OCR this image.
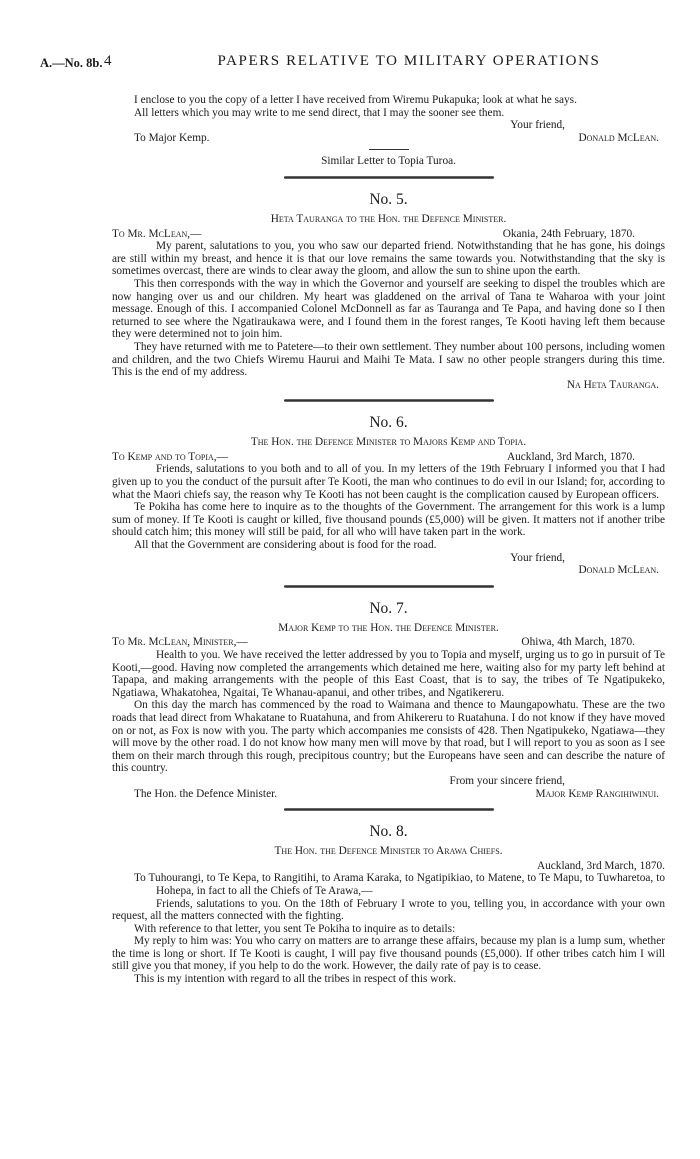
A.—No. 8b. 4	PAPERS RELATIVE TO MILITARY OPERATIONS

I enclose to you the copy of a letter I have received from Wiremu Pukapuka; look at what he says.

All letters which you may write to me send direct, that I may the sooner see them.

Your friend,

To Major Kemp.	Donald McLean.

Similar Letter to Topia Turoa.

No. 5.
Heta Tauranga to the Hon. the Defence Minister.
To Mr. McLean,—	Okania, 24th February, 1870.

My parent, salutations to you, you who saw our departed friend. Notwithstanding that he has gone, his doings are still within my breast, and hence it is that our love remains the same towards you. Notwithstanding that the sky is sometimes overcast, there are winds to clear away the gloom, and allow the sun to shine upon the earth.

This then corresponds with the way in which the Governor and yourself are seeking to dispel the troubles which are now hanging over us and our children. My heart was gladdened on the arrival of Tana te Waharoa with your joint message. Enough of this. I accompanied Colonel McDonnell as far as Tauranga and Te Papa, and having done so I then returned to see where the Ngatiraukawa were, and I found them in the forest ranges, Te Kooti having left them because they were determined not to join him.

They have returned with me to Patetere—to their own settlement. They number about 100 persons, including women and children, and the two Chiefs Wiremu Haurui and Maihi Te Mata. I saw no other people strangers during this time. This is the end of my address.

Na Heta Tauranga.

No. 6.
The Hon. the Defence Minister to Majors Kemp and Topia.
To Kemp and to Topia,—	Auckland, 3rd March, 1870.

Friends, salutations to you both and to all of you. In my letters of the 19th February I informed you that I had given up to you the conduct of the pursuit after Te Kooti, the man who continues to do evil in our Island; for, according to what the Maori chiefs say, the reason why Te Kooti has not been caught is the complication caused by European officers.

Te Pokiha has come here to inquire as to the thoughts of the Government. The arrangement for this work is a lump sum of money. If Te Kooti is caught or killed, five thousand pounds (£5,000) will be given. It matters not if another tribe should catch him; this money will still be paid, for all who will have taken part in the work.

All that the Government are considering about is food for the road.

Your friend,

Donald McLean.

No. 7.
Major Kemp to the Hon. the Defence Minister.
To Mr. McLean, Minister,—	Ohiwa, 4th March, 1870.

Health to you. We have received the letter addressed by you to Topia and myself, urging us to go in pursuit of Te Kooti,—good. Having now completed the arrangements which detained me here, waiting also for my party left behind at Tapapa, and making arrangements with the people of this East Coast, that is to say, the tribes of Te Ngatipukeko, Ngatiawa, Whakatohea, Ngaitai, Te Whanau-apanui, and other tribes, and Ngatikereru.

On this day the march has commenced by the road to Waimana and thence to Maungapowhatu. These are the two roads that lead direct from Whakatane to Ruatahuna, and from Ahikereru to Ruatahuna. I do not know if they have moved on or not, as Fox is now with you. The party which accompanies me consists of 428. Then Ngatipukeko, Ngatiawa—they will move by the other road. I do not know how many men will move by that road, but I will report to you as soon as I see them on their march through this rough, precipitous country; but the Europeans have seen and can describe the nature of this country.

From your sincere friend,

The Hon. the Defence Minister.	Major Kemp Rangihiwinui.
No. 8.
The Hon. the Defence Minister to Arawa Chiefs.

Auckland, 3rd March, 1870.

To Tuhourangi, to Te Kepa, to Rangitihi, to Arama Karaka, to Ngatipikiao, to Matene, to Te Mapu, to Tuwharetoa, to Hohepa, in fact to all the Chiefs of Te Arawa,—

Friends, salutations to you. On the 18th of February I wrote to you, telling you, in accordance with your own request, all the matters connected with the fighting.

With reference to that letter, you sent Te Pokiha to inquire as to details:

My reply to him was: You who carry on matters are to arrange these affairs, because my plan is a lump sum, whether the time is long or short. If Te Kooti is caught, I will pay five thousand pounds (£5,000). If other tribes catch him I will still give you that money, if you help to do the work. However, the daily rate of pay is to cease.

This is my intention with regard to all the tribes in respect of this work.
